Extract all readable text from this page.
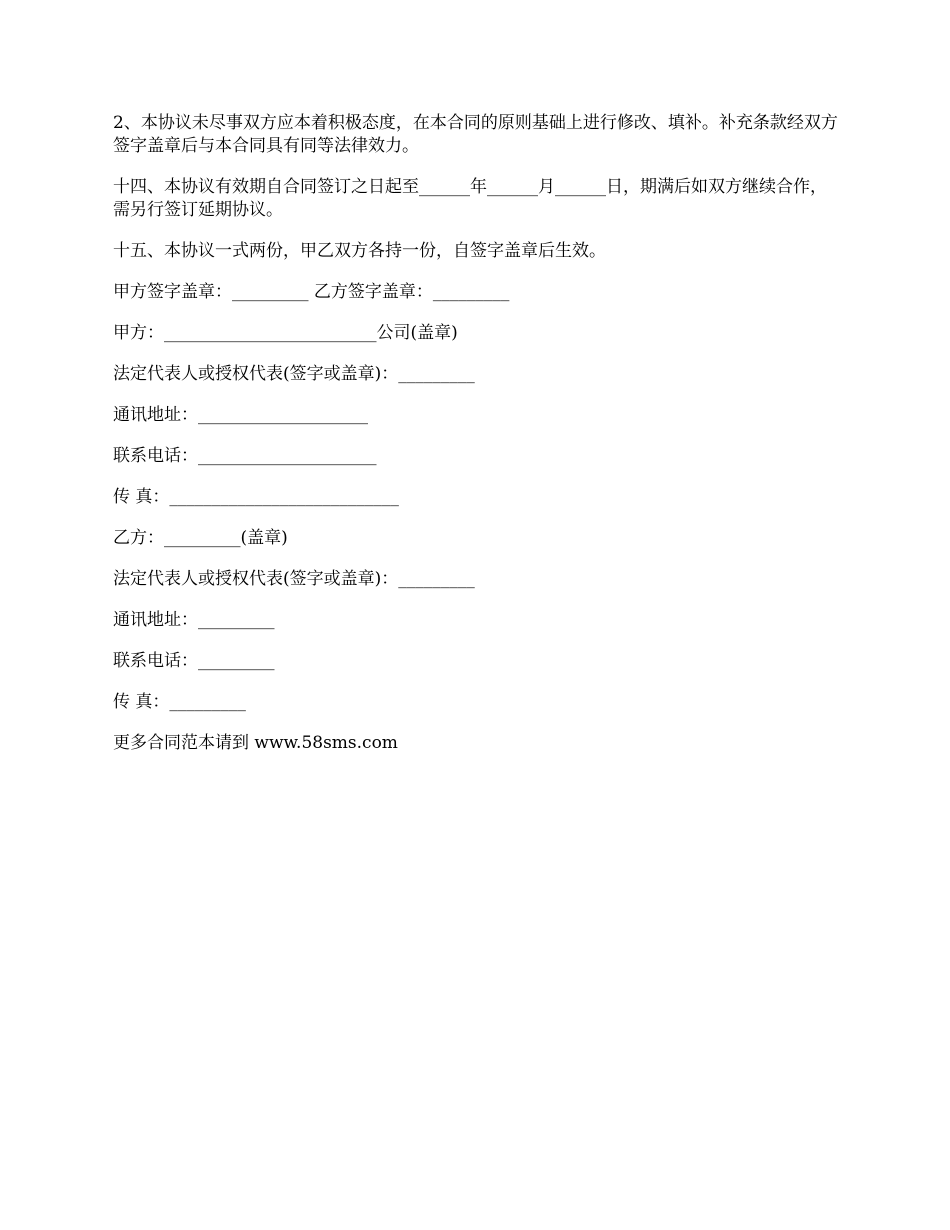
2、本协议未尽事双方应本着积极态度，在本合同的原则基础上进行修改、填补。补充条款经双方签字盖章后与本合同具有同等法律效力。

十四、本协议有效期自合同签订之日起至______年______月______日，期满后如双方继续合作，需另行签订延期协议。

十五、本协议一式两份，甲乙双方各持一份，自签字盖章后生效。

甲方签字盖章：_________ 乙方签字盖章：_________

甲方：_________________________公司(盖章)

法定代表人或授权代表(签字或盖章)：_________

通讯地址：____________________

联系电话：_____________________

传 真：___________________________

乙方：_________(盖章)

法定代表人或授权代表(签字或盖章)：_________

通讯地址：_________

联系电话：_________

传 真：_________

更多合同范本请到 www.58sms.com
